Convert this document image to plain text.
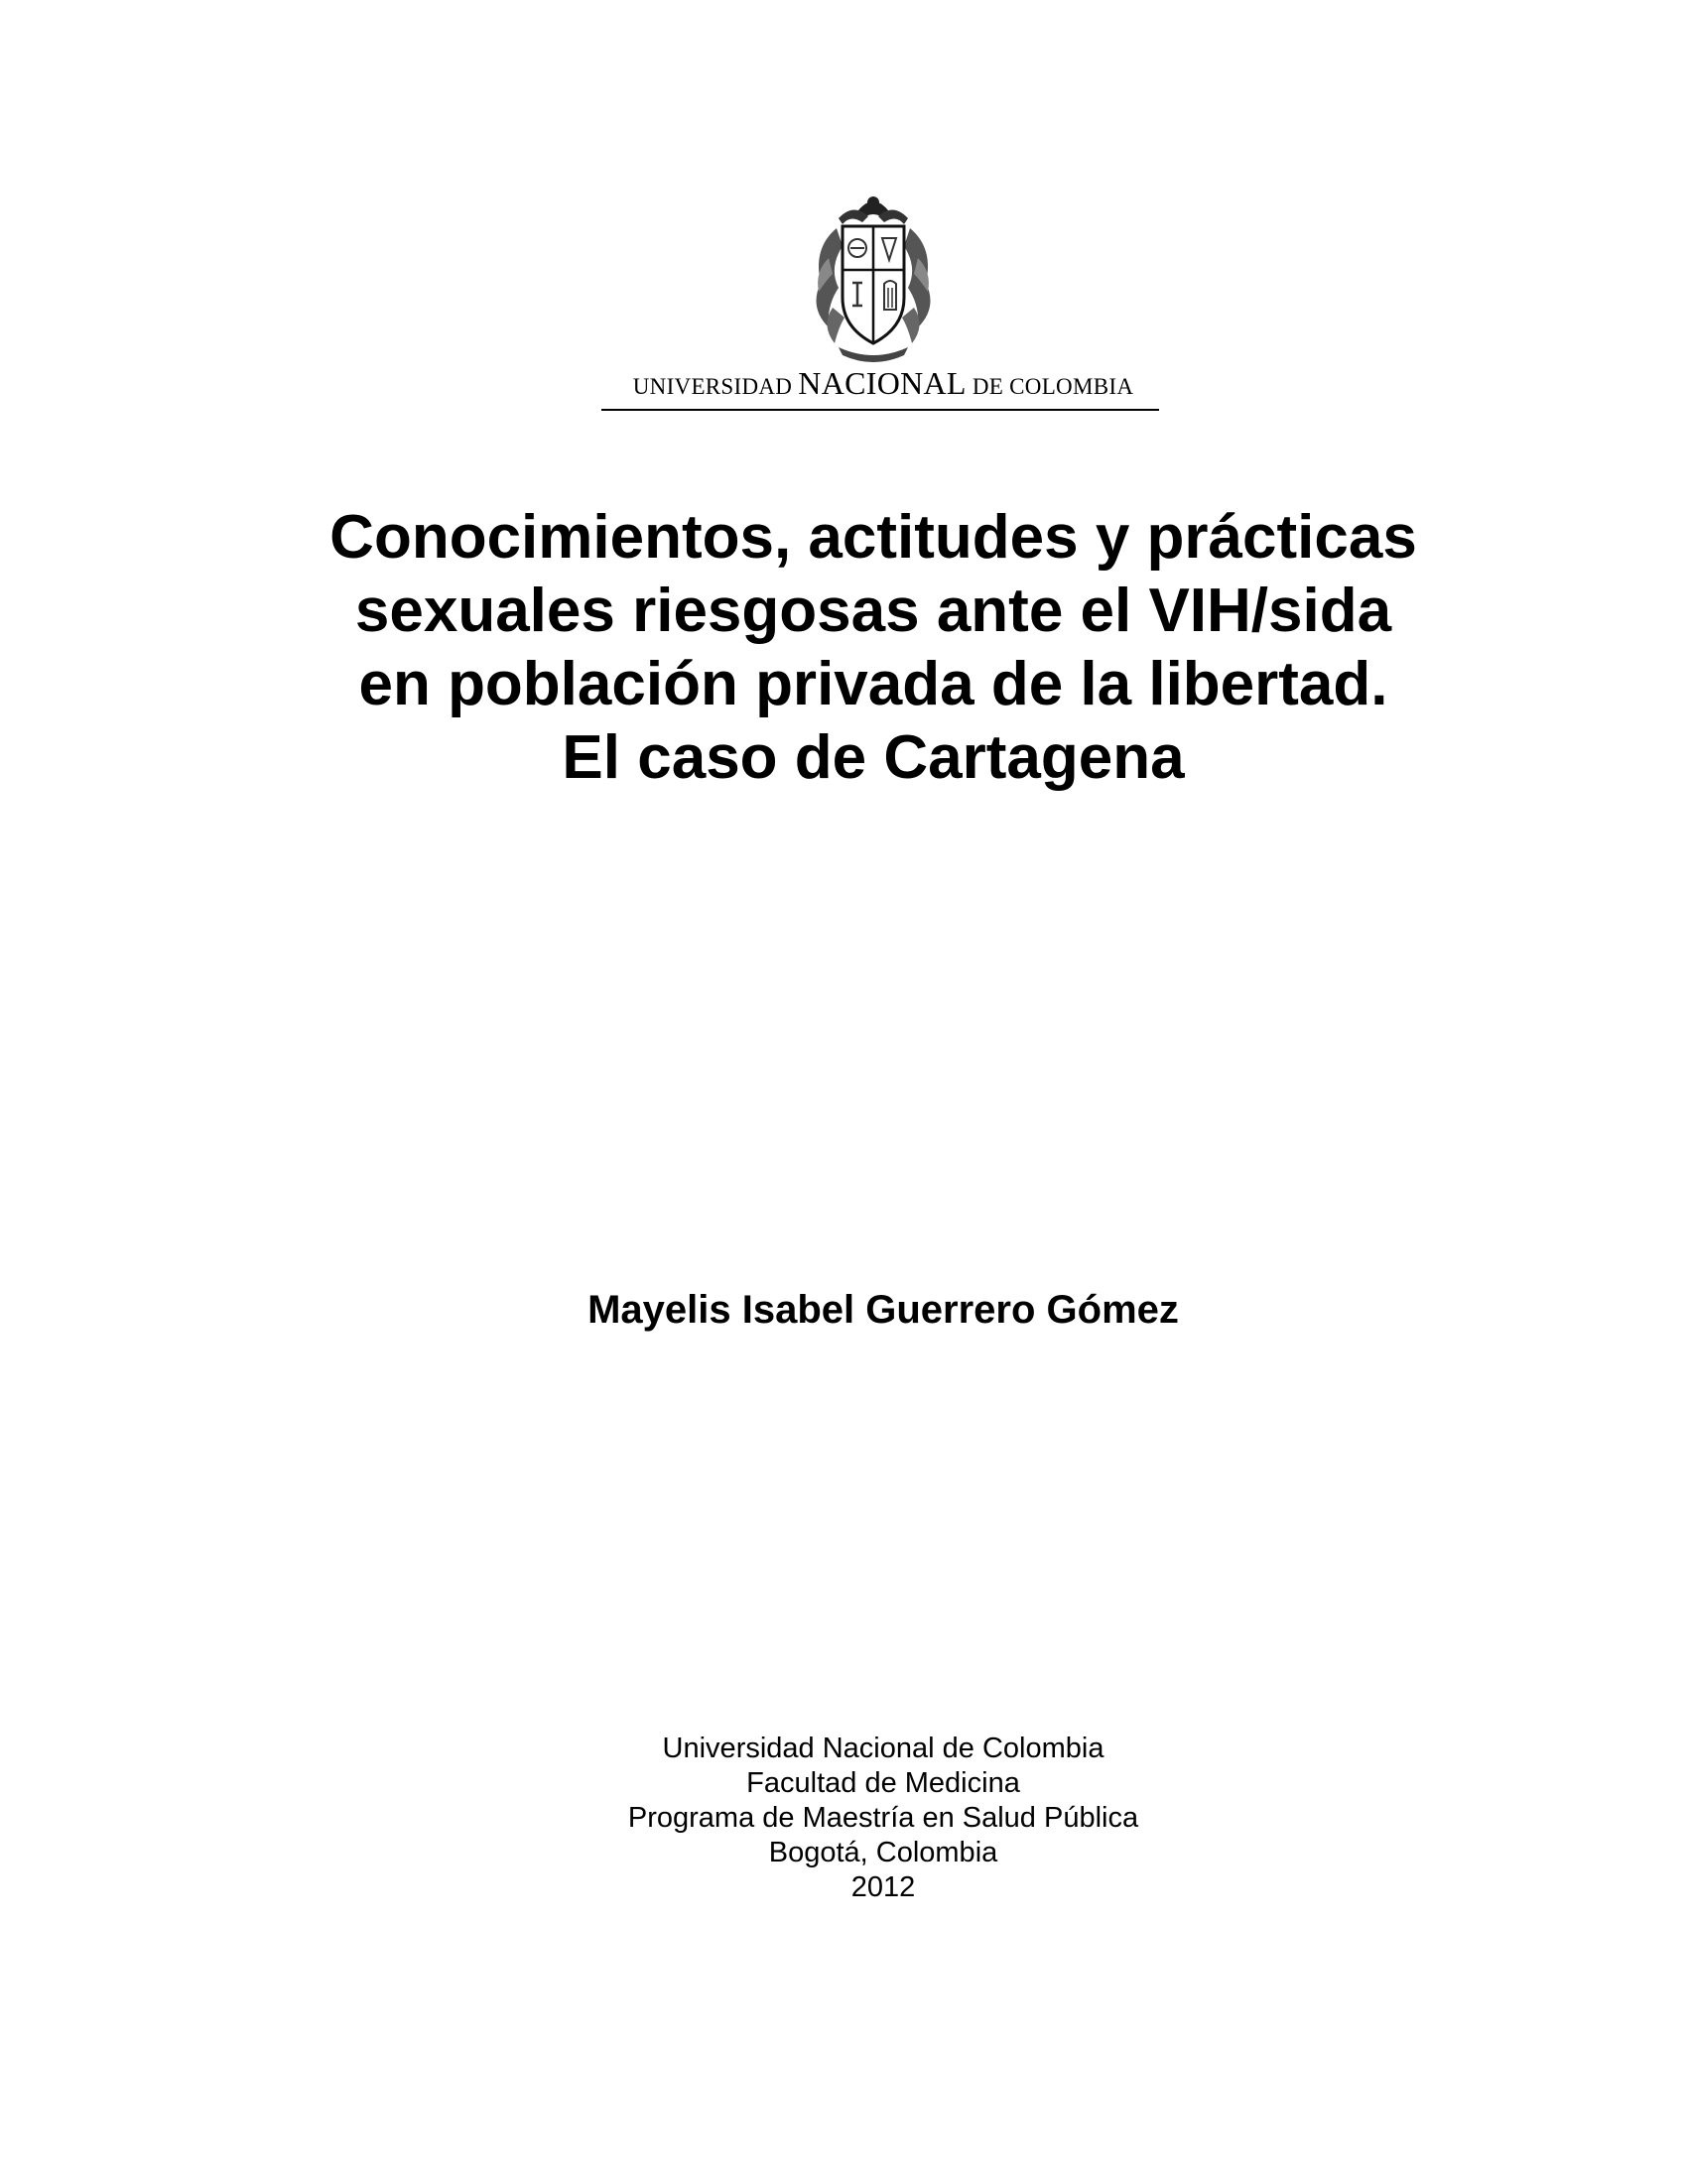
UNIVERSIDAD NACIONAL DE COLOMBIA
Conocimientos, actitudes y prácticas
sexuales riesgosas ante el VIH/sida
en población privada de la libertad.
El caso de Cartagena
Mayelis Isabel Guerrero Gómez
Universidad Nacional de Colombia
Facultad de Medicina
Programa de Maestría en Salud Pública
Bogotá, Colombia
2012
